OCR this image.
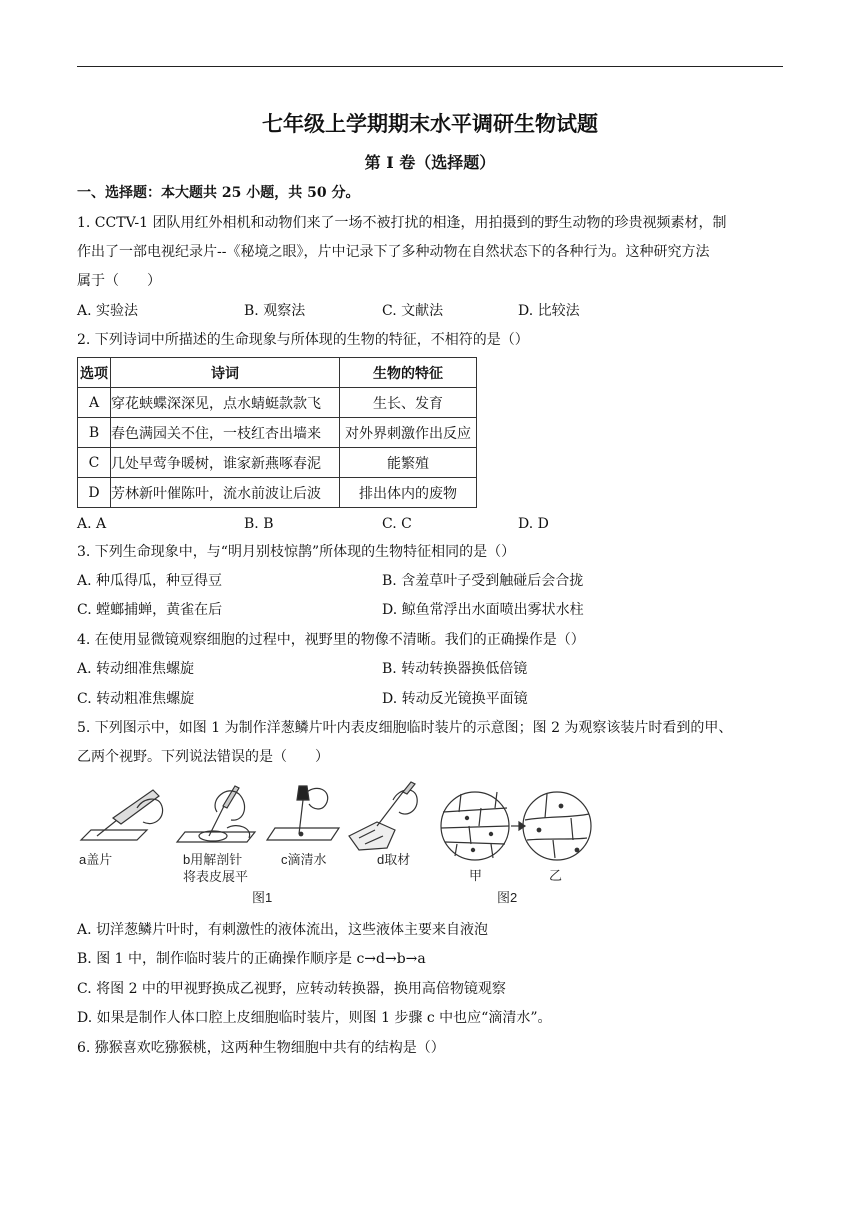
七年级上学期期末水平调研生物试题
第 I 卷（选择题）
一、选择题：本大题共 25 小题，共 50 分。
1. CCTV-1 团队用红外相机和动物们来了一场不被打扰的相逢，用拍摄到的野生动物的珍贵视频素材，制
作出了一部电视纪录片--《秘境之眼》，片中记录下了多种动物在自然状态下的各种行为。这种研究方法
属于（　　）
A. 实验法	B. 观察法	C. 文献法	D. 比较法
2. 下列诗词中所描述的生命现象与所体现的生物的特征，不相符的是（）
选项	诗词	生物的特征
A	穿花蛱蝶深深见，点水蜻蜓款款飞	生长、发育
B	春色满园关不住，一枝红杏出墙来	对外界刺激作出反应
C	几处早莺争暖树，谁家新燕啄春泥	能繁殖
D	芳林新叶催陈叶，流水前波让后波	排出体内的废物
A. A	B. B	C. C	D. D
3. 下列生命现象中，与“明月别枝惊鹊”所体现的生物特征相同的是（）
A. 种瓜得瓜，种豆得豆	B. 含羞草叶子受到触碰后会合拢
C. 螳螂捕蝉，黄雀在后	D. 鲸鱼常浮出水面喷出雾状水柱
4. 在使用显微镜观察细胞的过程中，视野里的物像不清晰。我们的正确操作是（）
A. 转动细准焦螺旋	B. 转动转换器换低倍镜
C. 转动粗准焦螺旋	D. 转动反光镜换平面镜
5. 下列图示中，如图 1 为制作洋葱鳞片叶内表皮细胞临时装片的示意图；图 2 为观察该装片时看到的甲、
乙两个视野。下列说法错误的是（　　）
a盖片	b用解剖针
将表皮展平
c滴清水	d取材
甲	乙
图1	图2
A. 切洋葱鳞片叶时，有刺激性的液体流出，这些液体主要来自液泡
B. 图 1 中，制作临时装片的正确操作顺序是 c→d→b→a
C. 将图 2 中的甲视野换成乙视野，应转动转换器，换用高倍物镜观察
D. 如果是制作人体口腔上皮细胞临时装片，则图 1 步骤 c 中也应“滴清水”。
6. 猕猴喜欢吃猕猴桃，这两种生物细胞中共有的结构是（）
